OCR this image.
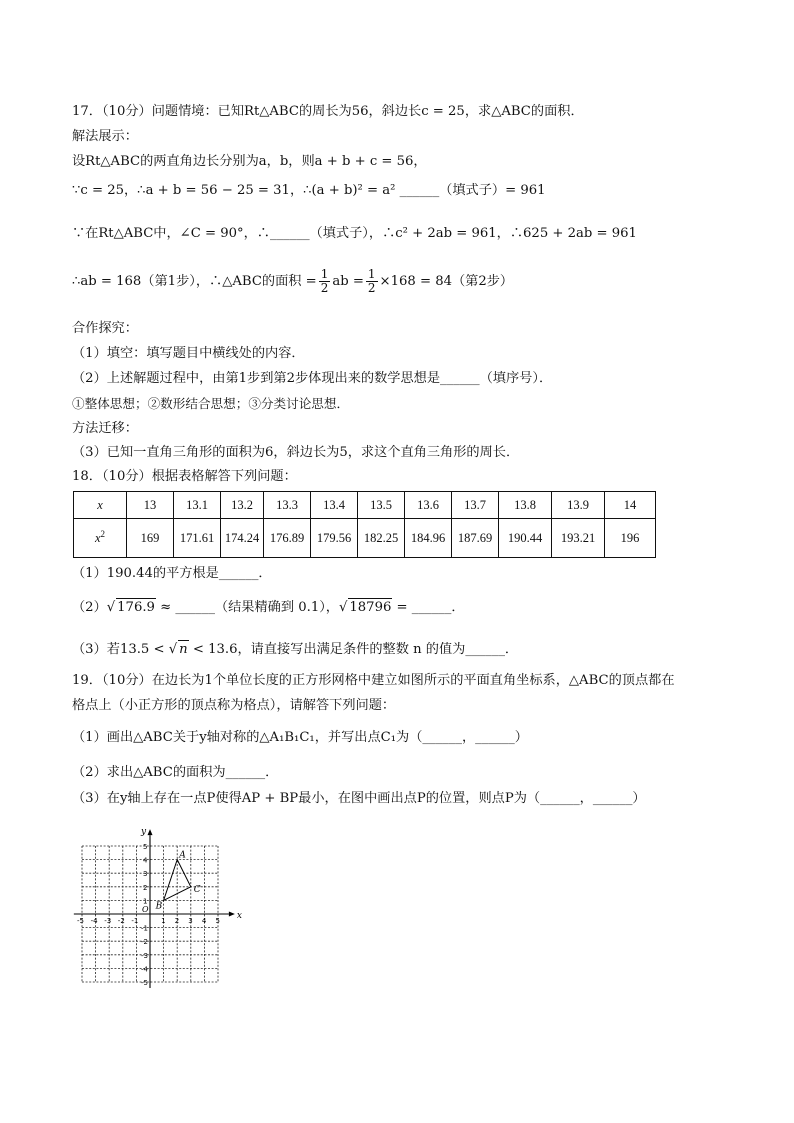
17．（10分）问题情境：已知Rt△ABC的周长为56，斜边长c = 25，求△ABC的面积．
解法展示：
设Rt△ABC的两直角边长分别为a，b，则a + b + c = 56，
∵c = 25，∴a + b = 56 − 25 = 31，∴(a + b)² = a² ______（填式子）= 961
∵在Rt△ABC中，∠C = 90°，∴______（填式子），∴c² + 2ab = 961，∴625 + 2ab = 961
∴ab = 168（第1步），∴△ABC的面积 = $\frac{1}{2}$ ab = $\frac{1}{2} \times 168 = 84$（第2步）
合作探究：
（1）填空：填写题目中横线处的内容．
（2）上述解题过程中，由第1步到第2步体现出来的数学思想是______（填序号）．
①整体思想；②数形结合思想；③分类讨论思想．
方法迁移：
（3）已知一直角三角形的面积为6，斜边长为5，求这个直角三角形的周长．
18．（10分）根据表格解答下列问题：
x	13	13.1	13.2	13.3	13.4	13.5	13.6	13.7	13.8	13.9	14
$x^2$	169	171.61	174.24	176.89	179.56	182.25	184.96	187.69	190.44	193.21	196
（1）190.44的平方根是______．
（2）√ 176.9 ≈ ______（结果精确到 0.1），√ 18796 = ______．
（3）若13.5 < √ n < 13.6，请直接写出满足条件的整数 n 的值为______．
19．（10分）在边长为1个单位长度的正方形网格中建立如图所示的平面直角坐标系，△ABC的顶点都在
格点上（小正方形的顶点称为格点），请解答下列问题：
（1）画出△ABC关于y轴对称的△A₁B₁C₁，并写出点C₁为（______，______）
（2）求出△ABC的面积为______．
（3）在y轴上存在一点P使得AP + BP最小，在图中画出点P的位置，则点P为（______，______）
x
y
O
-5 -4 -3 -2 -1	1 2 3 4 5
5
4
3
2
1
-1
-2
-3
-4
-5
A
B
C
